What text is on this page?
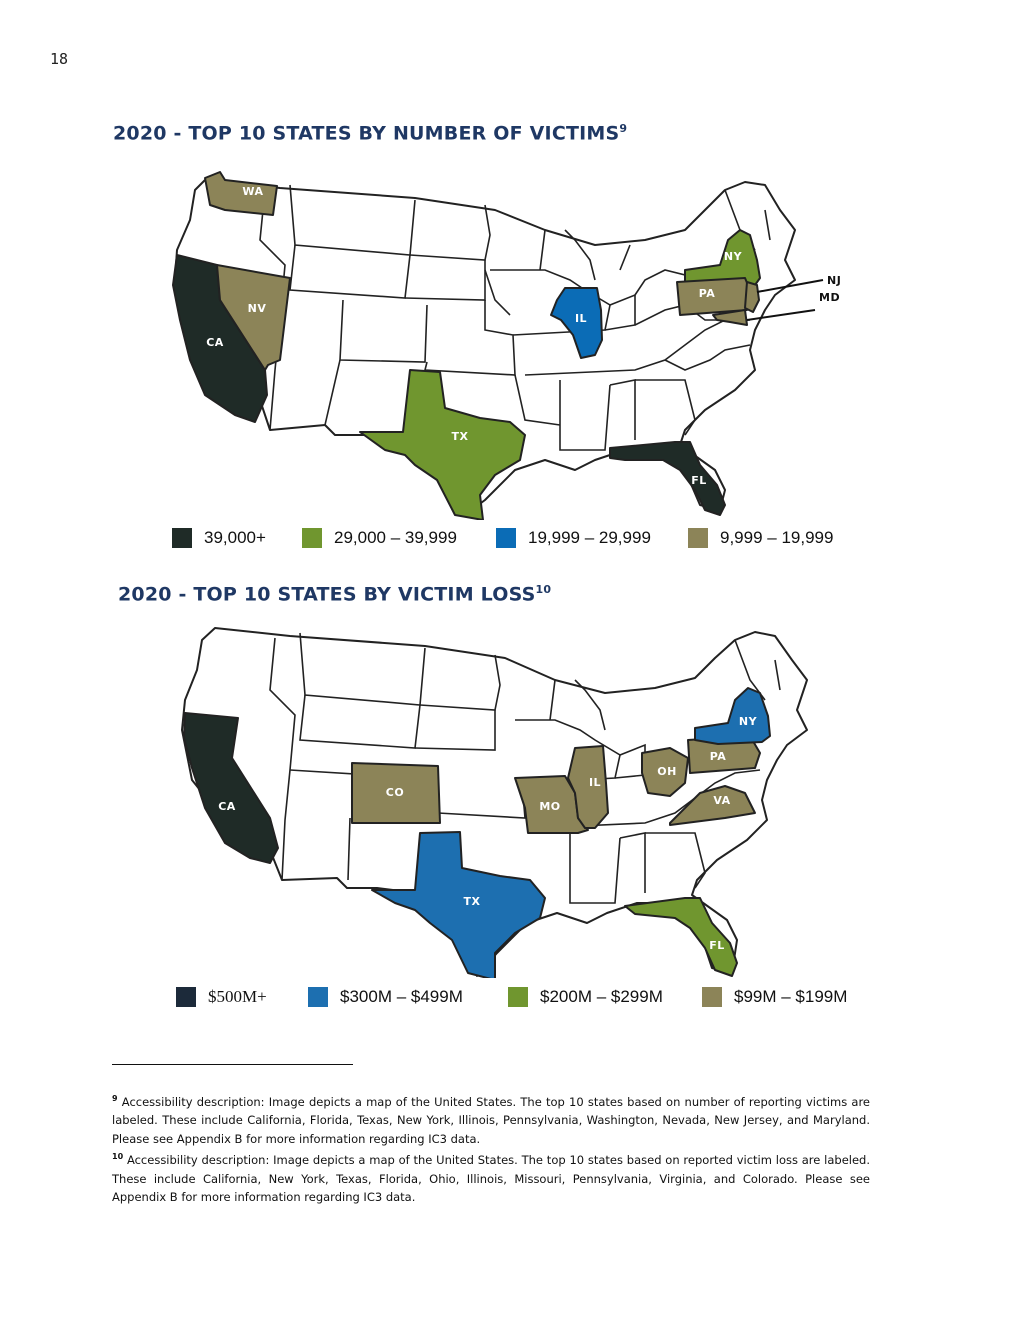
18
2020 - TOP 10 STATES BY NUMBER OF VICTIMS$^9$
WA
NV
CA
TX
IL
NY
PA
FL
NJ
MD
39,000+	29,000 – 39,999	19,999 – 29,999	9,999 – 19,999
2020 - TOP 10 STATES BY VICTIM LOSS$^{10}$
CA
CO
TX
MO
IL
OH
PA
NY
VA
FL
$500M+	$300M – $499M	$200M – $299M	$99M – $199M

$^9$ Accessibility description: Image depicts a map of the United States. The top 10 states based on number of reporting victims are labeled. These include California, Florida, Texas, New York, Illinois, Pennsylvania, Washington, Nevada, New Jersey, and Maryland. Please see Appendix B for more information regarding IC3 data.

$^{10}$ Accessibility description: Image depicts a map of the United States. The top 10 states based on reported victim loss are labeled. These include California, New York, Texas, Florida, Ohio, Illinois, Missouri, Pennsylvania, Virginia, and Colorado. Please see Appendix B for more information regarding IC3 data.
